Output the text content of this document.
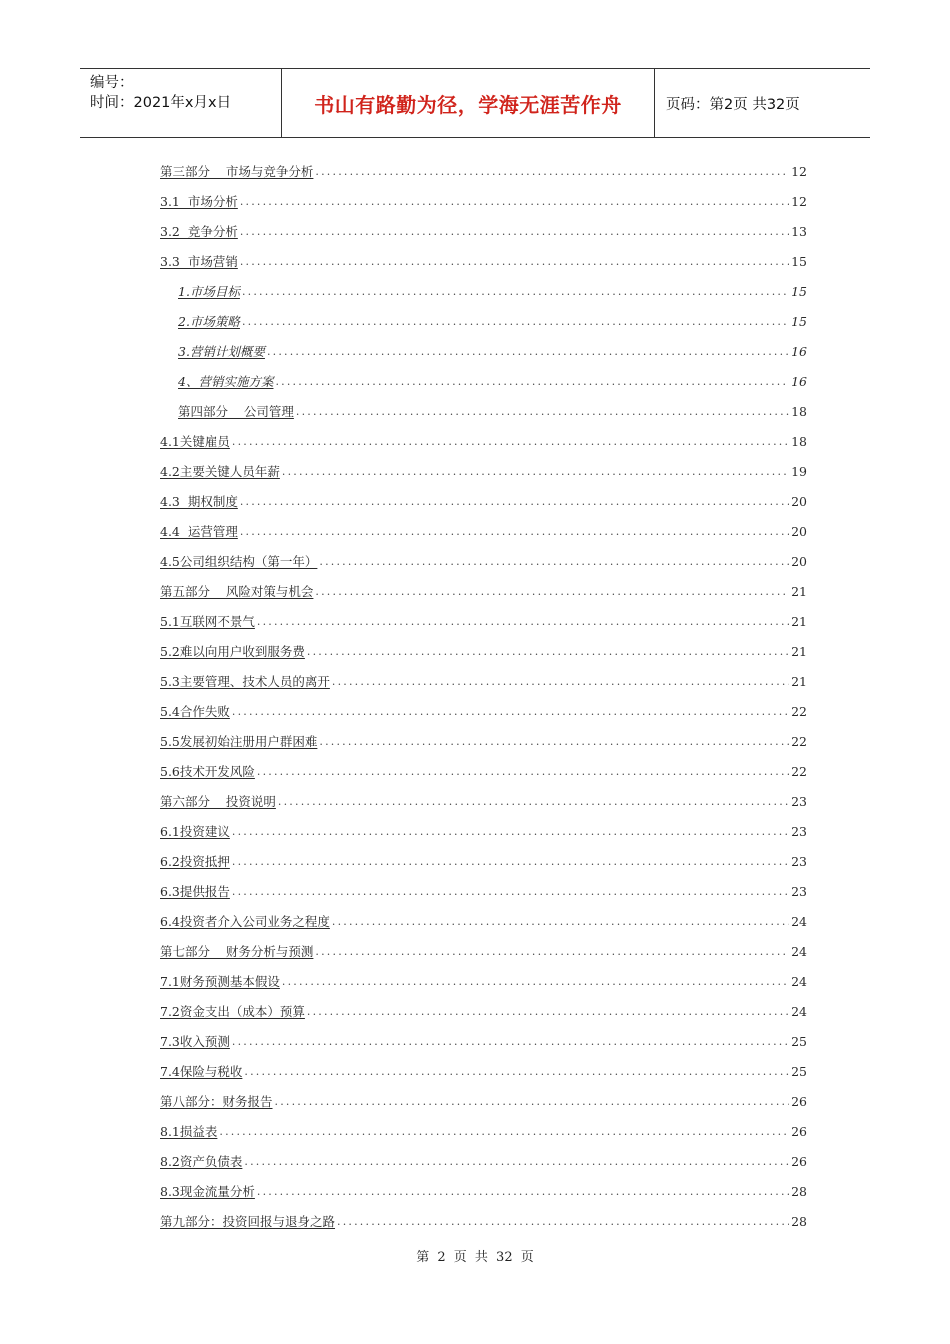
编号：
时间：2021年x月x日	书山有路勤为径，学海无涯苦作舟	页码：第2页 共32页
第三部分    市场与竞争分析 .....	12
3.1  市场分析 .....	12
3.2  竞争分析 .....	13
3.3  市场营销 .....	15
1.市场目标 .....	15
2.市场策略 .....	15
3.营销计划概要 .....	16
4、营销实施方案 .....	16
第四部分    公司管理 .....	18
4.1关键雇员 .....	18
4.2主要关键人员年薪 .....	19
4.3  期权制度 .....	20
4.4  运营管理 .....	20
4.5公司组织结构（第一年） .....	20
第五部分    风险对策与机会 .....	21
5.1互联网不景气 .....	21
5.2难以向用户收到服务费 .....	21
5.3主要管理、技术人员的离开 .....	21
5.4合作失败 .....	22
5.5发展初始注册用户群困难 .....	22
5.6技术开发风险 .....	22
第六部分    投资说明 .....	23
6.1投资建议 .....	23
6.2投资抵押 .....	23
6.3提供报告 .....	23
6.4投资者介入公司业务之程度 .....	24
第七部分    财务分析与预测 .....	24
7.1财务预测基本假设 .....	24
7.2资金支出（成本）预算 .....	24
7.3收入预测 .....	25
7.4保险与税收 .....	25
第八部分：财务报告 .....	26
8.1损益表 .....	26
8.2资产负债表 .....	26
8.3现金流量分析 .....	28
第九部分：投资回报与退身之路 .....	28
第 2 页 共 32 页
